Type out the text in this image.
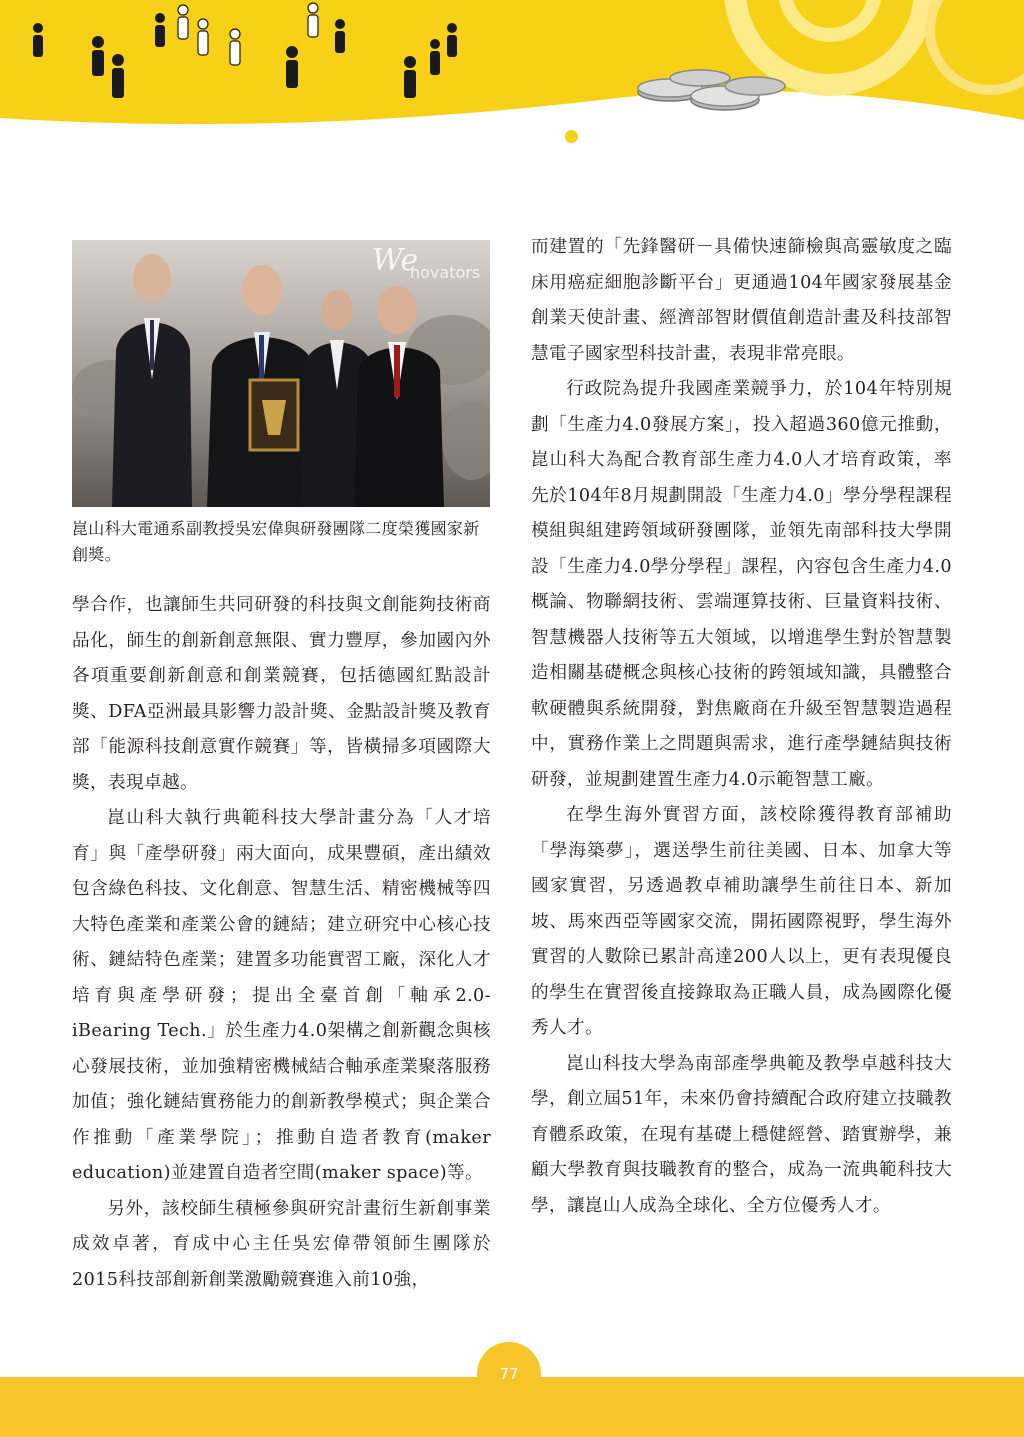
We
novators
崑山科大電通系副教授吳宏偉與研發團隊二度榮獲國家新創獎。

學合作，也讓師生共同研發的科技與文創能夠技術商品化，師生的創新創意無限、實力豐厚，參加國內外各項重要創新創意和創業競賽，包括德國紅點設計獎、DFA亞洲最具影響力設計獎、金點設計獎及教育部「能源科技創意實作競賽」等，皆橫掃多項國際大獎，表現卓越。

崑山科大執行典範科技大學計畫分為「人才培育」與「產學研發」兩大面向，成果豐碩，產出績效包含綠色科技、文化創意、智慧生活、精密機械等四大特色產業和產業公會的鏈結；建立研究中心核心技術、鏈結特色產業；建置多功能實習工廠，深化人才培育與產學研發；提出全臺首創「軸承2.0- iBearing Tech.」於生產力4.0架構之創新觀念與核心發展技術，並加強精密機械結合軸承產業聚落服務加值；強化鏈結實務能力的創新教學模式；與企業合作推動「產業學院」；推動自造者教育(maker education)並建置自造者空間(maker space)等。

另外，該校師生積極參與研究計畫衍生新創事業成效卓著，育成中心主任吳宏偉帶領師生團隊於2015科技部創新創業激勵競賽進入前10強，

而建置的「先鋒醫研－具備快速篩檢與高靈敏度之臨床用癌症細胞診斷平台」更通過104年國家發展基金創業天使計畫、經濟部智財價值創造計畫及科技部智慧電子國家型科技計畫，表現非常亮眼。

行政院為提升我國產業競爭力，於104年特別規劃「生產力4.0發展方案」，投入超過360億元推動，崑山科大為配合教育部生產力4.0人才培育政策，率先於104年8月規劃開設「生產力4.0」學分學程課程模組與組建跨領域研發團隊，並領先南部科技大學開設「生產力4.0學分學程」課程，內容包含生產力4.0概論、物聯網技術、雲端運算技術、巨量資料技術、智慧機器人技術等五大領域，以增進學生對於智慧製造相關基礎概念與核心技術的跨領域知識，具體整合軟硬體與系統開發，對焦廠商在升級至智慧製造過程中，實務作業上之問題與需求，進行產學鏈結與技術研發，並規劃建置生產力4.0示範智慧工廠。

在學生海外實習方面，該校除獲得教育部補助「學海築夢」，選送學生前往美國、日本、加拿大等國家實習，另透過教卓補助讓學生前往日本、新加坡、馬來西亞等國家交流，開拓國際視野，學生海外實習的人數除已累計高達200人以上，更有表現優良的學生在實習後直接錄取為正職人員，成為國際化優秀人才。

崑山科技大學為南部產學典範及教學卓越科技大學，創立屆51年，未來仍會持續配合政府建立技職教育體系政策，在現有基礎上穩健經營、踏實辦學，兼顧大學教育與技職教育的整合，成為一流典範科技大學，讓崑山人成為全球化、全方位優秀人才。

77
